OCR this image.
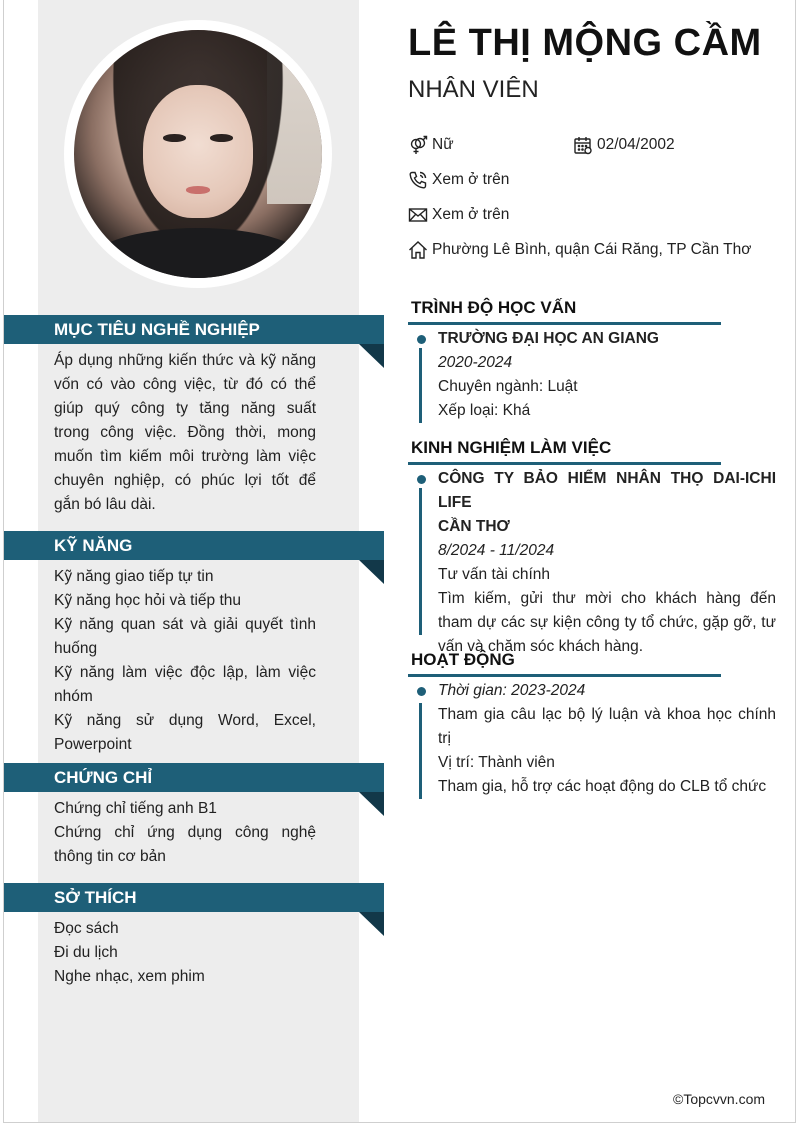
MỤC TIÊU NGHỀ NGHIỆP
Áp dụng những kiến thức và kỹ năng
vốn có vào công việc, từ đó có thể
giúp quý công ty tăng năng suất
trong công việc. Đồng thời, mong
muốn tìm kiếm môi trường làm việc
chuyên nghiệp, có phúc lợi tốt để
gắn bó lâu dài.
KỸ NĂNG
Kỹ năng giao tiếp tự tin
Kỹ năng học hỏi và tiếp thu
Kỹ năng quan sát và giải quyết tình
huống
Kỹ năng làm việc độc lập, làm việc
nhóm
Kỹ năng sử dụng Word, Excel,
Powerpoint
CHỨNG CHỈ
Chứng chỉ tiếng anh B1
Chứng chỉ ứng dụng công nghệ
thông tin cơ bản
SỞ THÍCH
Đọc sách
Đi du lịch
Nghe nhạc, xem phim
LÊ THỊ MỘNG CẦM
NHÂN VIÊN
Nữ	02/04/2002
Xem ở trên
Xem ở trên
Phường Lê Bình, quận Cái Răng, TP Cần Thơ
TRÌNH ĐỘ HỌC VẤN
TRƯỜNG ĐẠI HỌC AN GIANG
2020-2024
Chuyên ngành: Luật
Xếp loại: Khá
KINH NGHIỆM LÀM VIỆC
CÔNG TY BẢO HIỂM NHÂN THỌ DAI-ICHI LIFE
CẦN THƠ
8/2024 - 11/2024
Tư vấn tài chính
Tìm kiếm, gửi thư mời cho khách hàng đến
tham dự các sự kiện công ty tổ chức, gặp gỡ, tư
vấn và chăm sóc khách hàng.
HOẠT ĐỘNG
Thời gian: 2023-2024
Tham gia câu lạc bộ lý luận và khoa học chính
trị
Vị trí: Thành viên
Tham gia, hỗ trợ các hoạt động do CLB tổ chức
©Topcvvn.com
